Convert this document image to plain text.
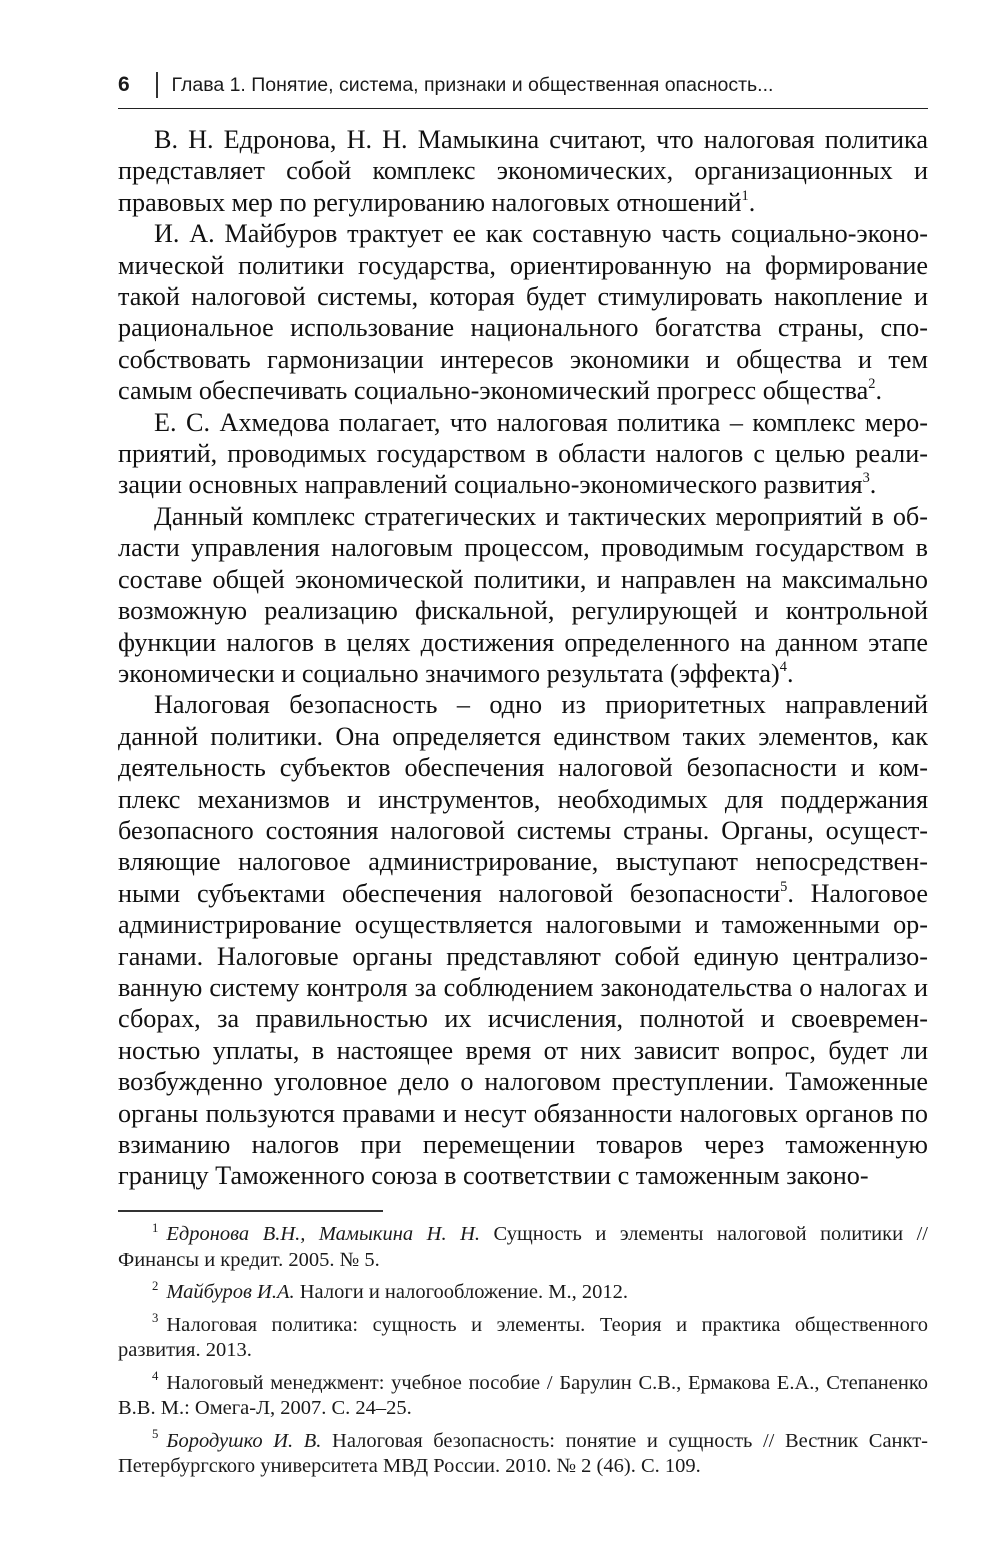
6	Глава 1. Понятие, система, признаки и общественная опасность...

В. Н. Едронова, Н. Н. Мамыкина считают, что налоговая политика представляет собой комплекс экономических, организационных и правовых мер по регулированию налоговых отношений$^1$.

И. А. Майбуров трактует ее как составную часть социально-экономической политики государства, ориентированную на формирование такой налоговой системы, которая будет стимулировать накопление и рациональное использование национального богатства страны, способствовать гармонизации интересов экономики и общества и тем самым обеспечивать социально-экономический прогресс общества$^2$.

Е. С. Ахмедова полагает, что налоговая политика – комплекс мероприятий, проводимых государством в области налогов с целью реализации основных направлений социально-экономического развития$^3$.

Данный комплекс стратегических и тактических мероприятий в области управления налоговым процессом, проводимым государством в составе общей экономической политики, и направлен на максимально возможную реализацию фискальной, регулирующей и контрольной функции налогов в целях достижения определенного на данном этапе экономически и социально значимого результата (эффекта)$^4$.

Налоговая безопасность – одно из приоритетных направлений данной политики. Она определяется единством таких элементов, как деятельность субъектов обеспечения налоговой безопасности и комплекс механизмов и инструментов, необходимых для поддержания безопасного состояния налоговой системы страны. Органы, осуществляющие налоговое администрирование, выступают непосредственными субъектами обеспечения налоговой безопасности$^5$. Налоговое администрирование осуществляется налоговыми и таможенными органами. Налоговые органы представляют собой единую централизованную систему контроля за соблюдением законодательства о налогах и сборах, за правильностью их исчисления, полнотой и своевременностью уплаты, в настоящее время от них зависит вопрос, будет ли возбужденно уголовное дело о налоговом преступлении. Таможенные органы пользуются правами и несут обязанности налоговых органов по взиманию налогов при перемещении товаров через таможенную границу Таможенного союза в соответствии с таможенным законо-

$^1$ Едронова В.Н., Мамыкина Н. Н. Сущность и элементы налоговой политики // Финансы и кредит. 2005. № 5.

$^2$ Майбуров И.А. Налоги и налогообложение. М., 2012.

$^3$ Налоговая политика: сущность и элементы. Теория и практика общественного развития. 2013.

$^4$ Налоговый менеджмент: учебное пособие / Барулин С.В., Ермакова Е.А., Степаненко В.В. М.: Омега-Л, 2007. С. 24–25.

$^5$ Бородушко И. В. Налоговая безопасность: понятие и сущность // Вестник Санкт-Петербургского университета МВД России. 2010. № 2 (46). С. 109.
